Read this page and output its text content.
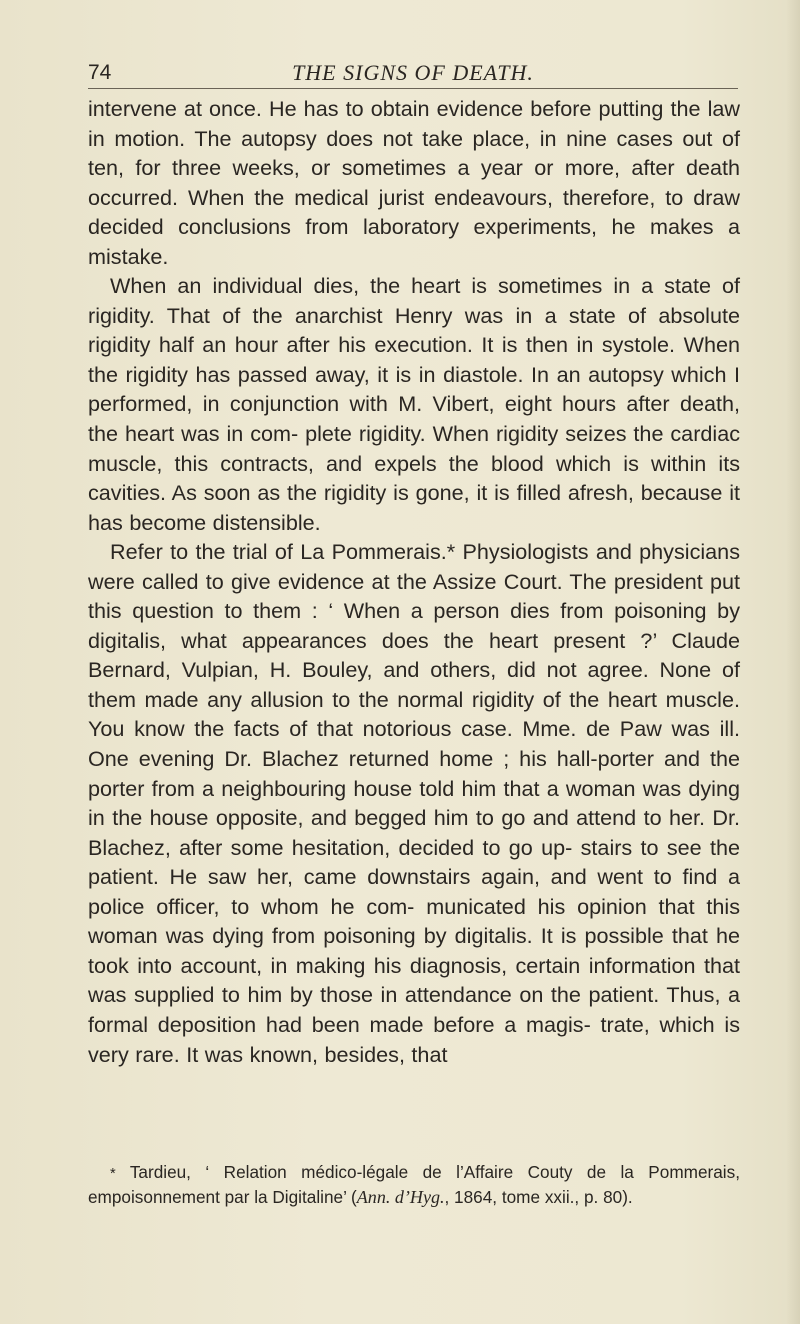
74	THE SIGNS OF DEATH.

intervene at once. He has to obtain evidence before putting the law in motion. The autopsy does not take place, in nine cases out of ten, for three weeks, or sometimes a year or more, after death occurred. When the medical jurist endeavours, therefore, to draw decided conclusions from laboratory experiments, he makes a mistake.

When an individual dies, the heart is sometimes in a state of rigidity. That of the anarchist Henry was in a state of absolute rigidity half an hour after his execution. It is then in systole. When the rigidity has passed away, it is in diastole. In an autopsy which I performed, in conjunction with M. Vibert, eight hours after death, the heart was in com- plete rigidity. When rigidity seizes the cardiac muscle, this contracts, and expels the blood which is within its cavities. As soon as the rigidity is gone, it is filled afresh, because it has become distensible.

Refer to the trial of La Pommerais.* Physiologists and physicians were called to give evidence at the Assize Court. The president put this question to them : ‘ When a person dies from poisoning by digitalis, what appearances does the heart present ?’ Claude Bernard, Vulpian, H. Bouley, and others, did not agree. None of them made any allusion to the normal rigidity of the heart muscle. You know the facts of that notorious case. Mme. de Paw was ill. One evening Dr. Blachez returned home ; his hall-porter and the porter from a neighbouring house told him that a woman was dying in the house opposite, and begged him to go and attend to her. Dr. Blachez, after some hesitation, decided to go up- stairs to see the patient. He saw her, came downstairs again, and went to find a police officer, to whom he com- municated his opinion that this woman was dying from poisoning by digitalis. It is possible that he took into account, in making his diagnosis, certain information that was supplied to him by those in attendance on the patient. Thus, a formal deposition had been made before a magis- trate, which is very rare. It was known, besides, that

* Tardieu, ‘ Relation médico-légale de l’Affaire Couty de la Pommerais, empoisonnement par la Digitaline’ (Ann. d’Hyg., 1864, tome xxii., p. 80).
